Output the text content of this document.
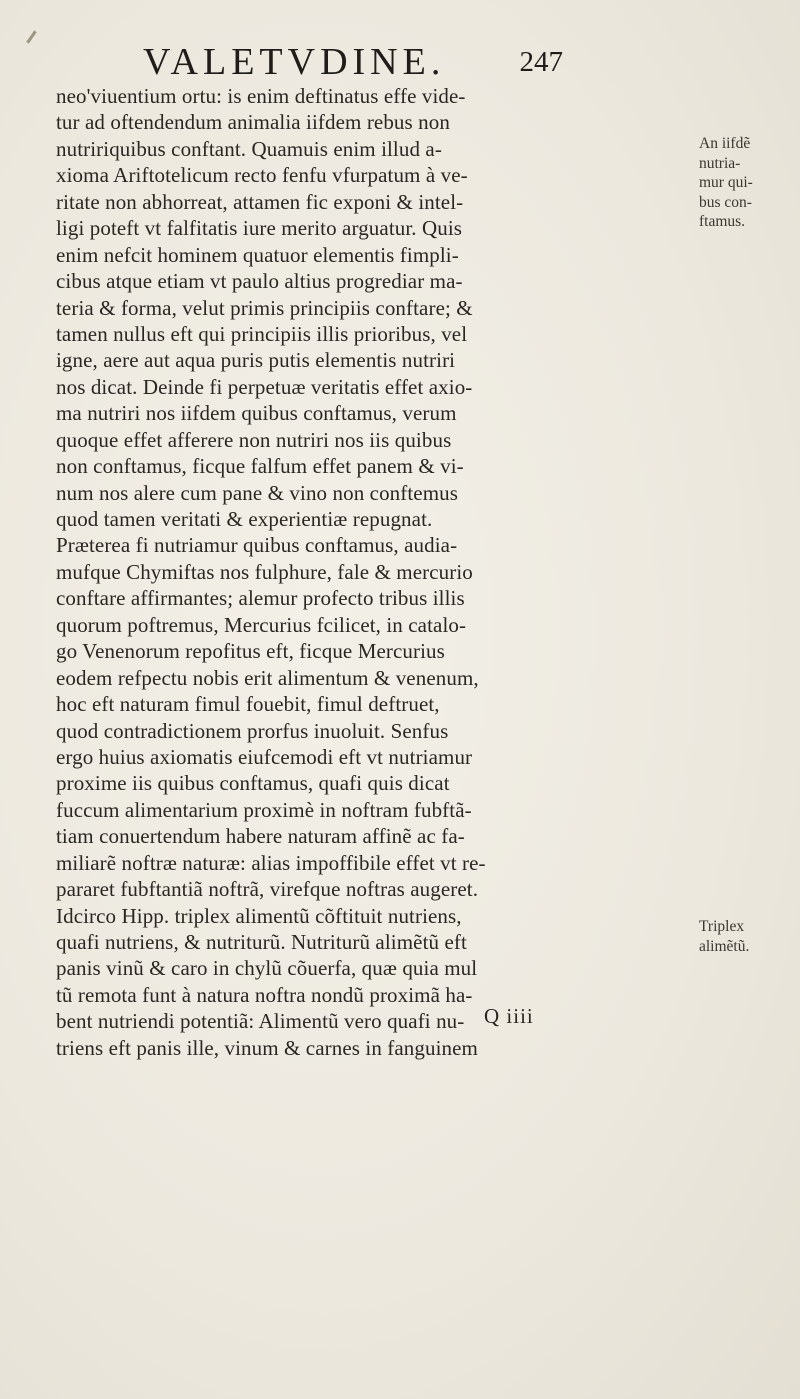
VALETVDINE.	247
neo'viuentium ortu: is enim deftinatus effe vide-
tur ad oftendendum animalia iifdem rebus non
nutririquibus conftant. Quamuis enim illud a-
xioma Ariftotelicum recto fenfu vfurpatum à ve-
ritate non abhorreat, attamen fic exponi & intel-
ligi poteft vt falfitatis iure merito arguatur. Quis
enim nefcit hominem quatuor elementis fimpli-
cibus atque etiam vt paulo altius progrediar ma-
teria & forma, velut primis principiis conftare; &
tamen nullus eft qui principiis illis prioribus, vel
igne, aere aut aqua puris putis elementis nutriri
nos dicat. Deinde fi perpetuæ veritatis effet axio-
ma nutriri nos iifdem quibus conftamus, verum
quoque effet afferere non nutriri nos iis quibus
non conftamus, ficque falfum effet panem & vi-
num nos alere cum pane & vino non conftemus
quod tamen veritati & experientiæ repugnat.
Præterea fi nutriamur quibus conftamus, audia-
mufque Chymiftas nos fulphure, fale & mercurio
conftare affirmantes; alemur profecto tribus illis
quorum poftremus, Mercurius fcilicet, in catalo-
go Venenorum repofitus eft, ficque Mercurius
eodem refpectu nobis erit alimentum & venenum,
hoc eft naturam fimul fouebit, fimul deftruet,
quod contradictionem prorfus inuoluit. Senfus
ergo huius axiomatis eiufcemodi eft vt nutriamur
proxime iis quibus conftamus, quafi quis dicat
fuccum alimentarium proximè in noftram fubftã-
tiam conuertendum habere naturam affinẽ ac fa-
miliarẽ noftræ naturæ: alias impoffibile effet vt re-
pararet fubftantiã noftrã, virefque noftras augeret.
Idcirco Hipp. triplex alimentũ cõftituit nutriens,
quafi nutriens, & nutriturũ. Nutriturũ alimẽtũ eft
panis vinũ & caro in chylũ cõuerfa, quæ quia mul
tũ remota funt à natura noftra nondũ proximã ha-
bent nutriendi potentiã: Alimentũ vero quafi nu-
triens eft panis ille, vinum & carnes in fanguinem
An iifdẽ
nutria-
mur qui-
bus con-
ftamus.
Triplex
alimẽtũ.
Q iiii
